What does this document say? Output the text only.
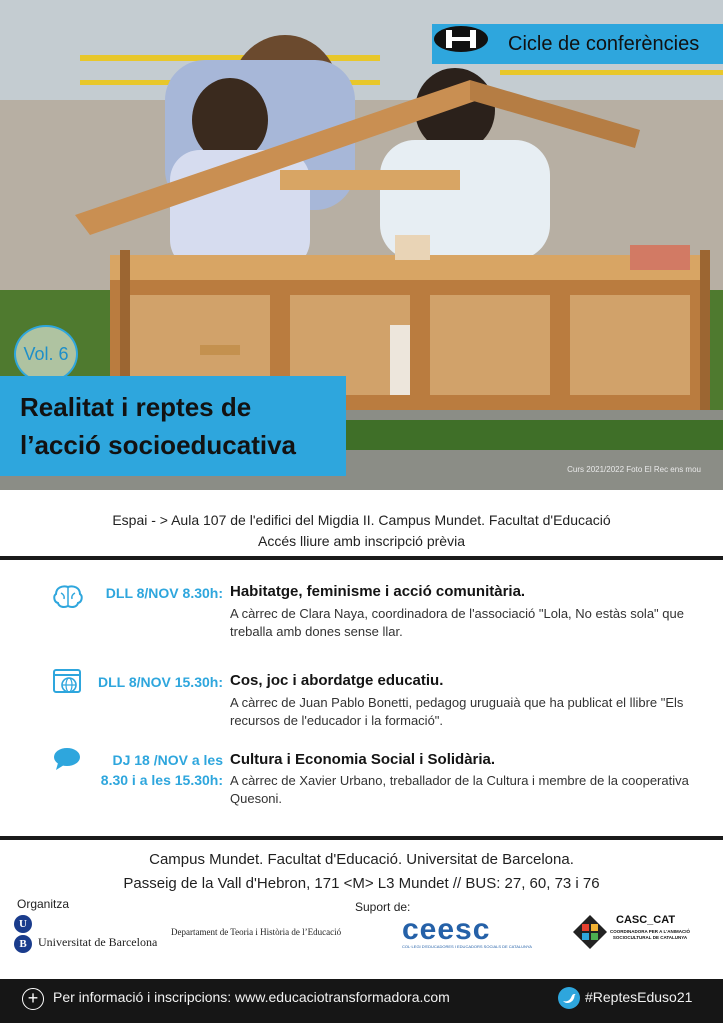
Cicle de conferències
Vol. 6
Realitat i reptes de
l’acció socioeducativa
Curs 2021/2022 Foto El Rec ens mou
Espai - > Aula 107 de l'edifici del Migdia II. Campus Mundet. Facultat d'Educació
Accés lliure amb inscripció prèvia
DLL 8/NOV 8.30h: Habitatge, feminisme i acció comunitària.
A càrrec de Clara Naya, coordinadora de l'associació "Lola, No estàs sola" que treballa amb dones sense llar.
DLL 8/NOV 15.30h: Cos, joc i abordatge educatiu.
A càrrec de Juan Pablo Bonetti, pedagog uruguaià que ha publicat el llibre "Els recursos de l'educador i la formació".
DJ 18 /NOV a les
8.30 i a les 15.30h:
Cultura i Economia Social i Solidària.
A càrrec de Xavier Urbano, treballador de la Cultura i membre de la cooperativa Quesoni.
Campus Mundet. Facultat d'Educació. Universitat de Barcelona.
Passeig de la Vall d'Hebron, 171 <M> L3 Mundet // BUS: 27, 60, 73 i 76
Organitza
U
B Universitat de Barcelona
Departament de Teoria i Història de l’Educació
Suport de:
ceesc
COL·LEGI D'EDUCADORES I EDUCADORS SOCIALS DE CATALUNYA
CASC_CAT
COORDINADORA PER A L'ANIMACIÓ SOCIOCULTURAL DE CATALUNYA
+	Per informació i inscripcions: www.educaciotransformadora.com	#ReptesEduso21
